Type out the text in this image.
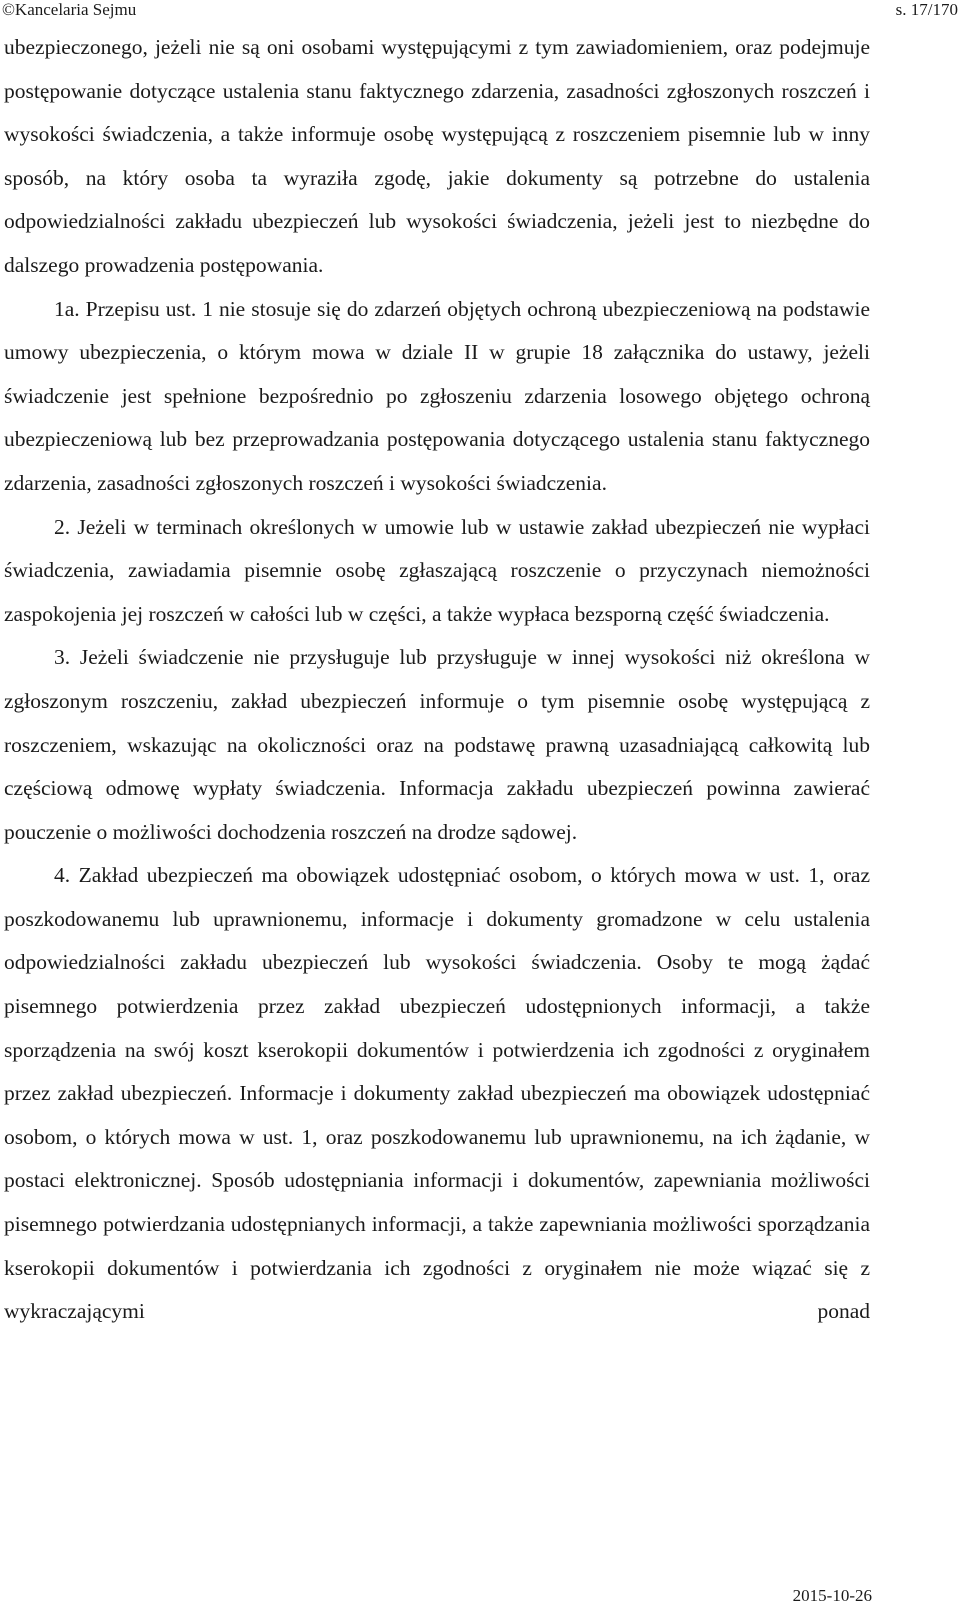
©Kancelaria Sejmu	s. 17/170

ubezpieczonego, jeżeli nie są oni osobami występującymi z tym zawiadomieniem, oraz podejmuje postępowanie dotyczące ustalenia stanu faktycznego zdarzenia, zasadności zgłoszonych roszczeń i wysokości świadczenia, a także informuje osobę występującą z roszczeniem pisemnie lub w inny sposób, na który osoba ta wyraziła zgodę, jakie dokumenty są potrzebne do ustalenia odpowiedzialności zakładu ubezpieczeń lub wysokości świadczenia, jeżeli jest to niezbędne do dalszego prowadzenia postępowania.

1a. Przepisu ust. 1 nie stosuje się do zdarzeń objętych ochroną ubezpieczeniową na podstawie umowy ubezpieczenia, o którym mowa w dziale II w grupie 18 załącznika do ustawy, jeżeli świadczenie jest spełnione bezpośrednio po zgłoszeniu zdarzenia losowego objętego ochroną ubezpieczeniową lub bez przeprowadzania postępowania dotyczącego ustalenia stanu faktycznego zdarzenia, zasadności zgłoszonych roszczeń i wysokości świadczenia.

2. Jeżeli w terminach określonych w umowie lub w ustawie zakład ubezpieczeń nie wypłaci świadczenia, zawiadamia pisemnie osobę zgłaszającą roszczenie o przyczynach niemożności zaspokojenia jej roszczeń w całości lub w części, a także wypłaca bezsporną część świadczenia.

3. Jeżeli świadczenie nie przysługuje lub przysługuje w innej wysokości niż określona w zgłoszonym roszczeniu, zakład ubezpieczeń informuje o tym pisemnie osobę występującą z roszczeniem, wskazując na okoliczności oraz na podstawę prawną uzasadniającą całkowitą lub częściową odmowę wypłaty świadczenia. Informacja zakładu ubezpieczeń powinna zawierać pouczenie o możliwości dochodzenia roszczeń na drodze sądowej.

4. Zakład ubezpieczeń ma obowiązek udostępniać osobom, o których mowa w ust. 1, oraz poszkodowanemu lub uprawnionemu, informacje i dokumenty gromadzone w celu ustalenia odpowiedzialności zakładu ubezpieczeń lub wysokości świadczenia. Osoby te mogą żądać pisemnego potwierdzenia przez zakład ubezpieczeń udostępnionych informacji, a także sporządzenia na swój koszt kserokopii dokumentów i potwierdzenia ich zgodności z oryginałem przez zakład ubezpieczeń. Informacje i dokumenty zakład ubezpieczeń ma obowiązek udostępniać osobom, o których mowa w ust. 1, oraz poszkodowanemu lub uprawnionemu, na ich żądanie, w postaci elektronicznej. Sposób udostępniania informacji i dokumentów, zapewniania możliwości pisemnego potwierdzania udostępnianych informacji, a także zapewniania możliwości sporządzania kserokopii dokumentów i potwierdzania ich zgodności z oryginałem nie może wiązać się z wykraczającymi ponad

2015-10-26
